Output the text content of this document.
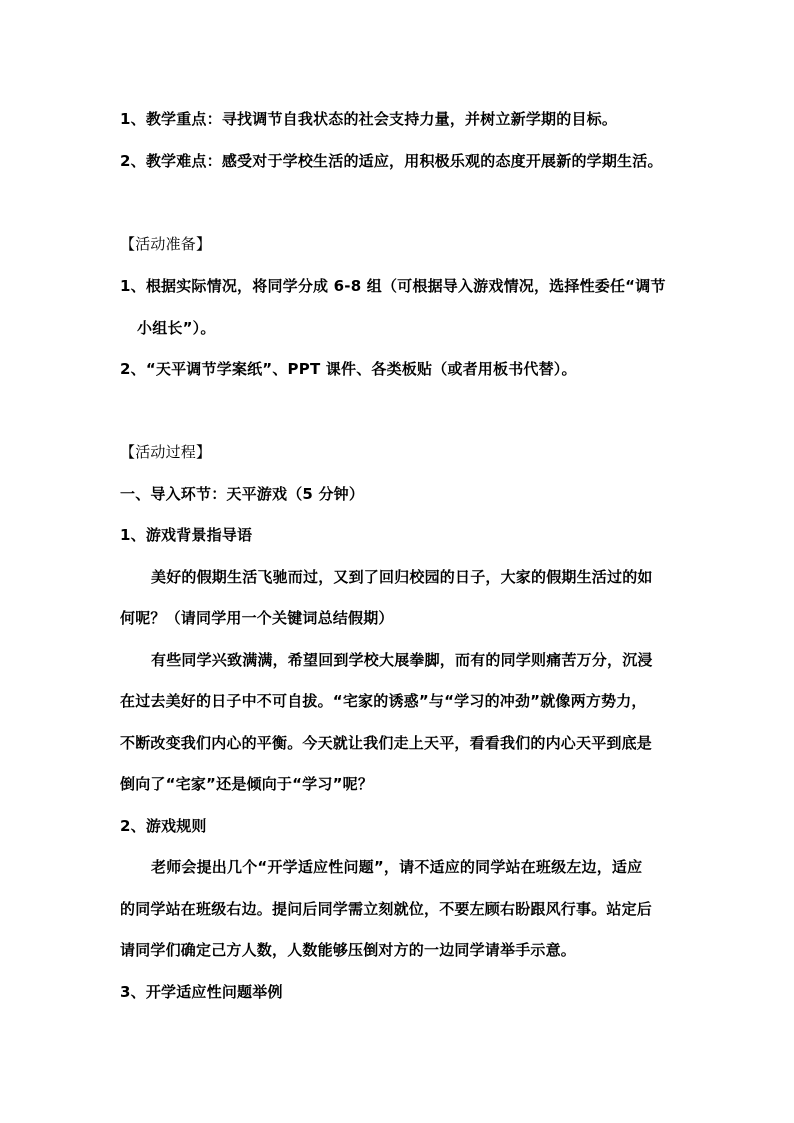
1、教学重点：寻找调节自我状态的社会支持力量，并树立新学期的目标。
2、教学难点：感受对于学校生活的适应，用积极乐观的态度开展新的学期生活。
【活动准备】
1、根据实际情况，将同学分成 6-8 组（可根据导入游戏情况，选择性委任“调节
小组长”）。
2、“天平调节学案纸”、PPT 课件、各类板贴（或者用板书代替）。
【活动过程】
一、导入环节：天平游戏（5 分钟）
1、游戏背景指导语
美好的假期生活飞驰而过，又到了回归校园的日子，大家的假期生活过的如
何呢？（请同学用一个关键词总结假期）
有些同学兴致满满，希望回到学校大展拳脚，而有的同学则痛苦万分，沉浸
在过去美好的日子中不可自拔。“宅家的诱惑”与“学习的冲劲”就像两方势力，
不断改变我们内心的平衡。今天就让我们走上天平，看看我们的内心天平到底是
倒向了“宅家”还是倾向于“学习”呢？
2、游戏规则
老师会提出几个“开学适应性问题”，请不适应的同学站在班级左边，适应
的同学站在班级右边。提问后同学需立刻就位，不要左顾右盼跟风行事。站定后
请同学们确定己方人数，人数能够压倒对方的一边同学请举手示意。
3、开学适应性问题举例
